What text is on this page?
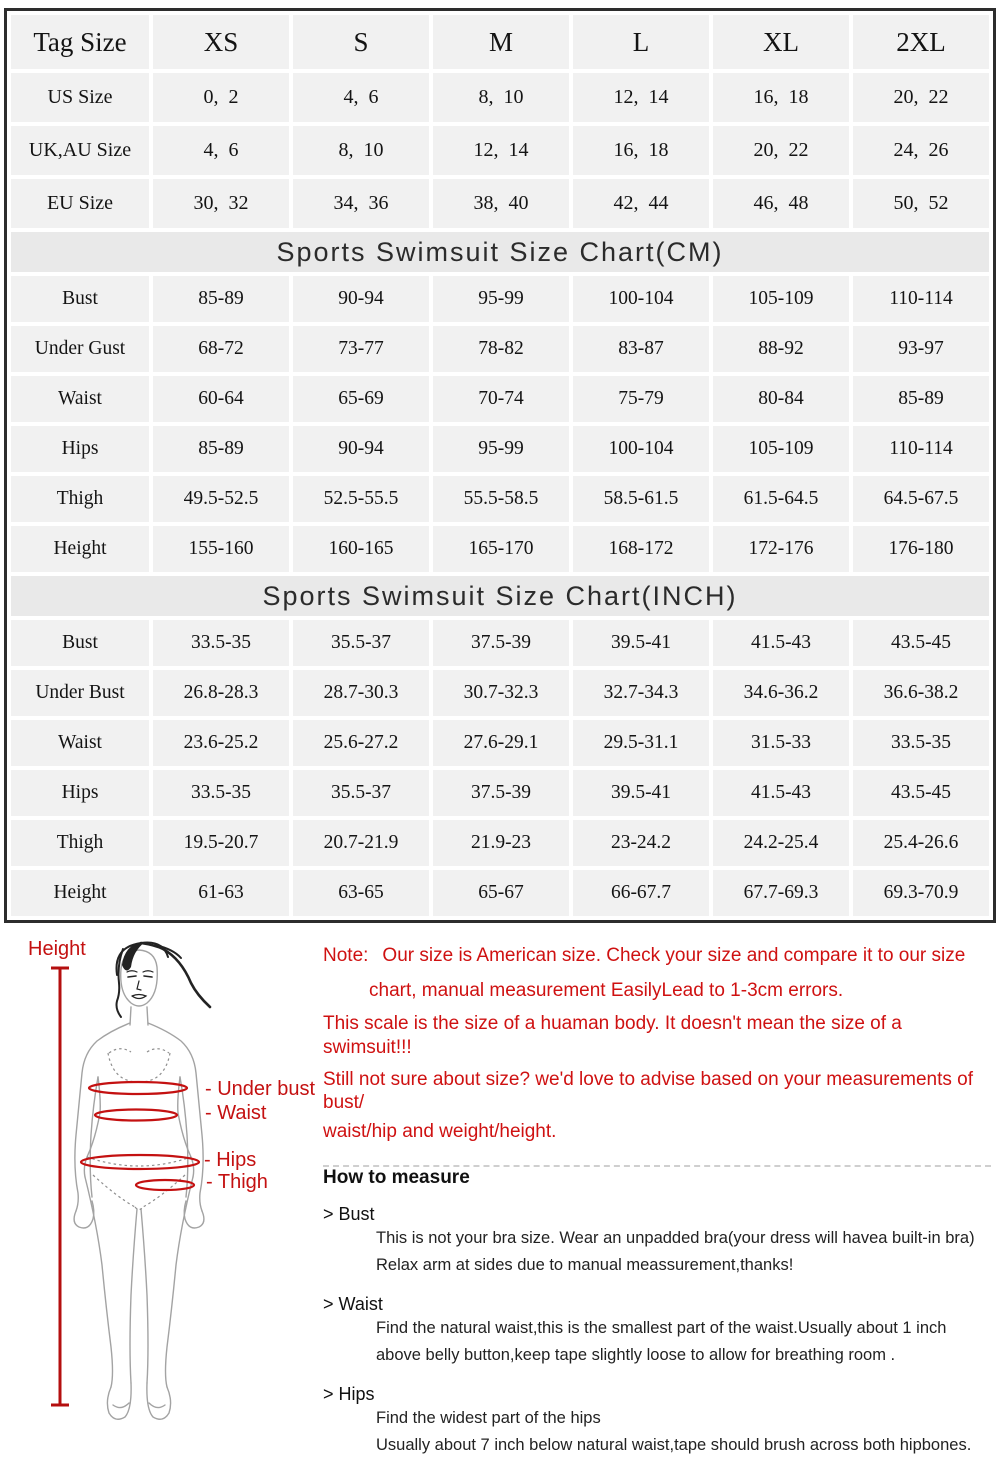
Tag Size	XS	S	M	L	XL	2XL
US Size	0,  2	4,  6	8,  10	12,  14	16,  18	20,  22
UK,AU Size	4,  6	8,  10	12,  14	16,  18	20,  22	24,  26
EU Size	30,  32	34,  36	38,  40	42,  44	46,  48	50,  52
Sports Swimsuit Size Chart(CM)						
Bust	85-89	90-94	95-99	100-104	105-109	110-114
Under Gust	68-72	73-77	78-82	83-87	88-92	93-97
Waist	60-64	65-69	70-74	75-79	80-84	85-89
Hips	85-89	90-94	95-99	100-104	105-109	110-114
Thigh	49.5-52.5	52.5-55.5	55.5-58.5	58.5-61.5	61.5-64.5	64.5-67.5
Height	155-160	160-165	165-170	168-172	172-176	176-180
Sports Swimsuit Size Chart(INCH)						
Bust	33.5-35	35.5-37	37.5-39	39.5-41	41.5-43	43.5-45
Under Bust	26.8-28.3	28.7-30.3	30.7-32.3	32.7-34.3	34.6-36.2	36.6-38.2
Waist	23.6-25.2	25.6-27.2	27.6-29.1	29.5-31.1	31.5-33	33.5-35
Hips	33.5-35	35.5-37	37.5-39	39.5-41	41.5-43	43.5-45
Thigh	19.5-20.7	20.7-21.9	21.9-23	23-24.2	24.2-25.4	25.4-26.6
Height	61-63	63-65	65-67	66-67.7	67.7-69.3	69.3-70.9
Height
- Under bust
- Waist
- Hips
- Thigh

Note: Our size is American size. Check your size and compare it to our size

chart, manual measurement EasilyLead to 1-3cm errors.

This scale is the size of a huaman body. It doesn't mean the size of a swimsuit!!!

Still not sure about size? we'd love to advise based on your measurements of bust/

waist/hip and weight/height.

How to measure

> Bust
This is not your bra size. Wear an unpadded bra(your dress will havea built-in bra)
Relax arm at sides due to manual meassurement,thanks!
> Waist
Find the natural waist,this is the smallest part of the waist.Usually about 1 inch
above belly button,keep tape slightly loose to allow for breathing room .
> Hips
Find the widest part of the hips
Usually about 7 inch below natural waist,tape should brush across both hipbones.
